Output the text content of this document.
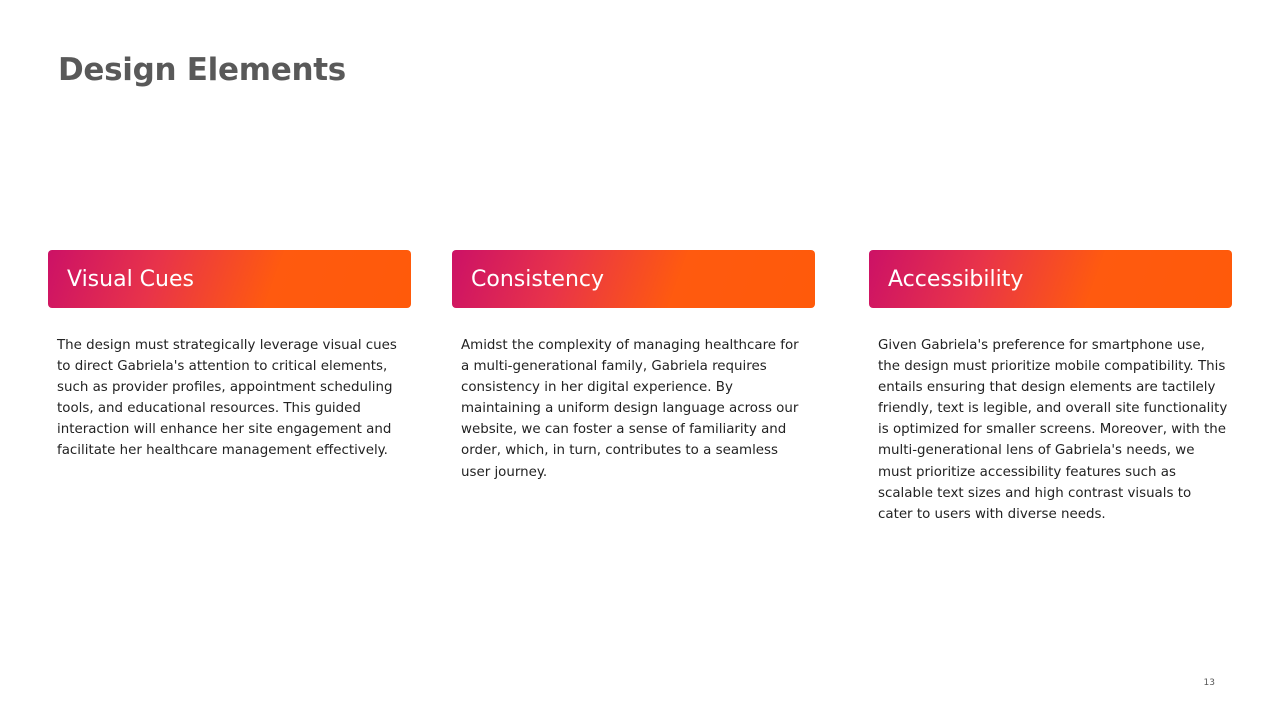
Design Elements
Visual Cues

The design must strategically leverage visual cues to direct Gabriela's attention to critical elements, such as provider profiles, appointment scheduling tools, and educational resources. This guided interaction will enhance her site engagement and facilitate her healthcare management effectively.

Consistency

Amidst the complexity of managing healthcare for a multi-generational family, Gabriela requires consistency in her digital experience. By maintaining a uniform design language across our website, we can foster a sense of familiarity and order, which, in turn, contributes to a seamless user journey.

Accessibility

Given Gabriela's preference for smartphone use, the design must prioritize mobile compatibility. This entails ensuring that design elements are tactilely friendly, text is legible, and overall site functionality is optimized for smaller screens. Moreover, with the multi-generational lens of Gabriela's needs, we must prioritize accessibility features such as scalable text sizes and high contrast visuals to cater to users with diverse needs.

13
